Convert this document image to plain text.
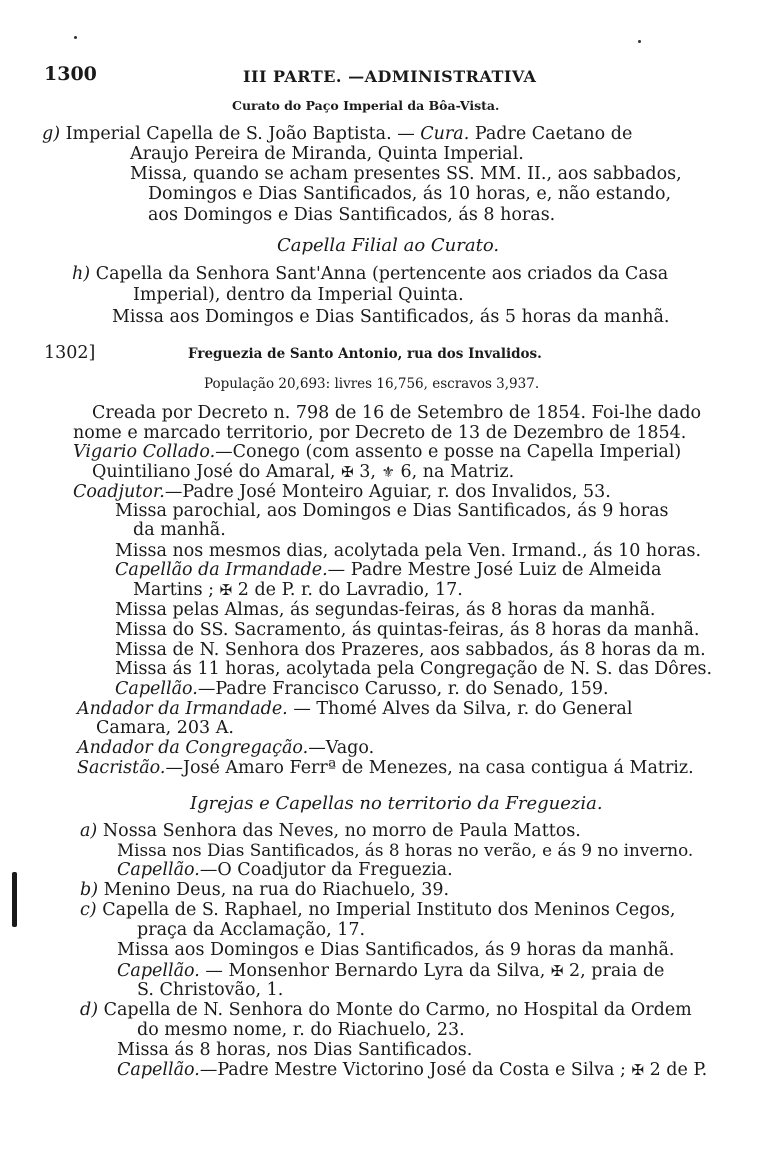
1300	III PARTE. —ADMINISTRATIVA
Curato do Paço Imperial da Bôa-Vista.
g) Imperial Capella de S. João Baptista. — Cura. Padre Caetano de
Araujo Pereira de Miranda, Quinta Imperial.
Missa, quando se acham presentes SS. MM. II., aos sabbados,
Domingos e Dias Santificados, ás 10 horas, e, não estando,
aos Domingos e Dias Santificados, ás 8 horas.
Capella Filial ao Curato.
h) Capella da Senhora Sant'Anna (pertencente aos criados da Casa
Imperial), dentro da Imperial Quinta.
Missa aos Domingos e Dias Santificados, ás 5 horas da manhã.
1302]	Freguezia de Santo Antonio, rua dos Invalidos.
População 20,693: livres 16,756, escravos 3,937.
Creada por Decreto n. 798 de 16 de Setembro de 1854. Foi-lhe dado
nome e marcado territorio, por Decreto de 13 de Dezembro de 1854.
Vigario Collado.—Conego (com assento e posse na Capella Imperial)
Quintiliano José do Amaral, ✠ 3, ⚜ 6, na Matriz.
Coadjutor.—Padre José Monteiro Aguiar, r. dos Invalidos, 53.
Missa parochial, aos Domingos e Dias Santificados, ás 9 horas
da manhã.
Missa nos mesmos dias, acolytada pela Ven. Irmand., ás 10 horas.
Capellão da Irmandade.— Padre Mestre José Luiz de Almeida
Martins ; ✠ 2 de P. r. do Lavradio, 17.
Missa pelas Almas, ás segundas-feiras, ás 8 horas da manhã.
Missa do SS. Sacramento, ás quintas-feiras, ás 8 horas da manhã.
Missa de N. Senhora dos Prazeres, aos sabbados, ás 8 horas da m.
Missa ás 11 horas, acolytada pela Congregação de N. S. das Dôres.
Capellão.—Padre Francisco Carusso, r. do Senado, 159.
Andador da Irmandade. — Thomé Alves da Silva, r. do General
Camara, 203 A.
Andador da Congregação.—Vago.
Sacristão.—José Amaro Ferrª de Menezes, na casa contigua á Matriz.
Igrejas e Capellas no territorio da Freguezia.
a) Nossa Senhora das Neves, no morro de Paula Mattos.
Missa nos Dias Santificados, ás 8 horas no verão, e ás 9 no inverno.
Capellão.—O Coadjutor da Freguezia.
b) Menino Deus, na rua do Riachuelo, 39.
c) Capella de S. Raphael, no Imperial Instituto dos Meninos Cegos,
praça da Acclamação, 17.
Missa aos Domingos e Dias Santificados, ás 9 horas da manhã.
Capellão. — Monsenhor Bernardo Lyra da Silva, ✠ 2, praia de
S. Christovão, 1.
d) Capella de N. Senhora do Monte do Carmo, no Hospital da Ordem
do mesmo nome, r. do Riachuelo, 23.
Missa ás 8 horas, nos Dias Santificados.
Capellão.—Padre Mestre Victorino José da Costa e Silva ; ✠ 2 de P.
